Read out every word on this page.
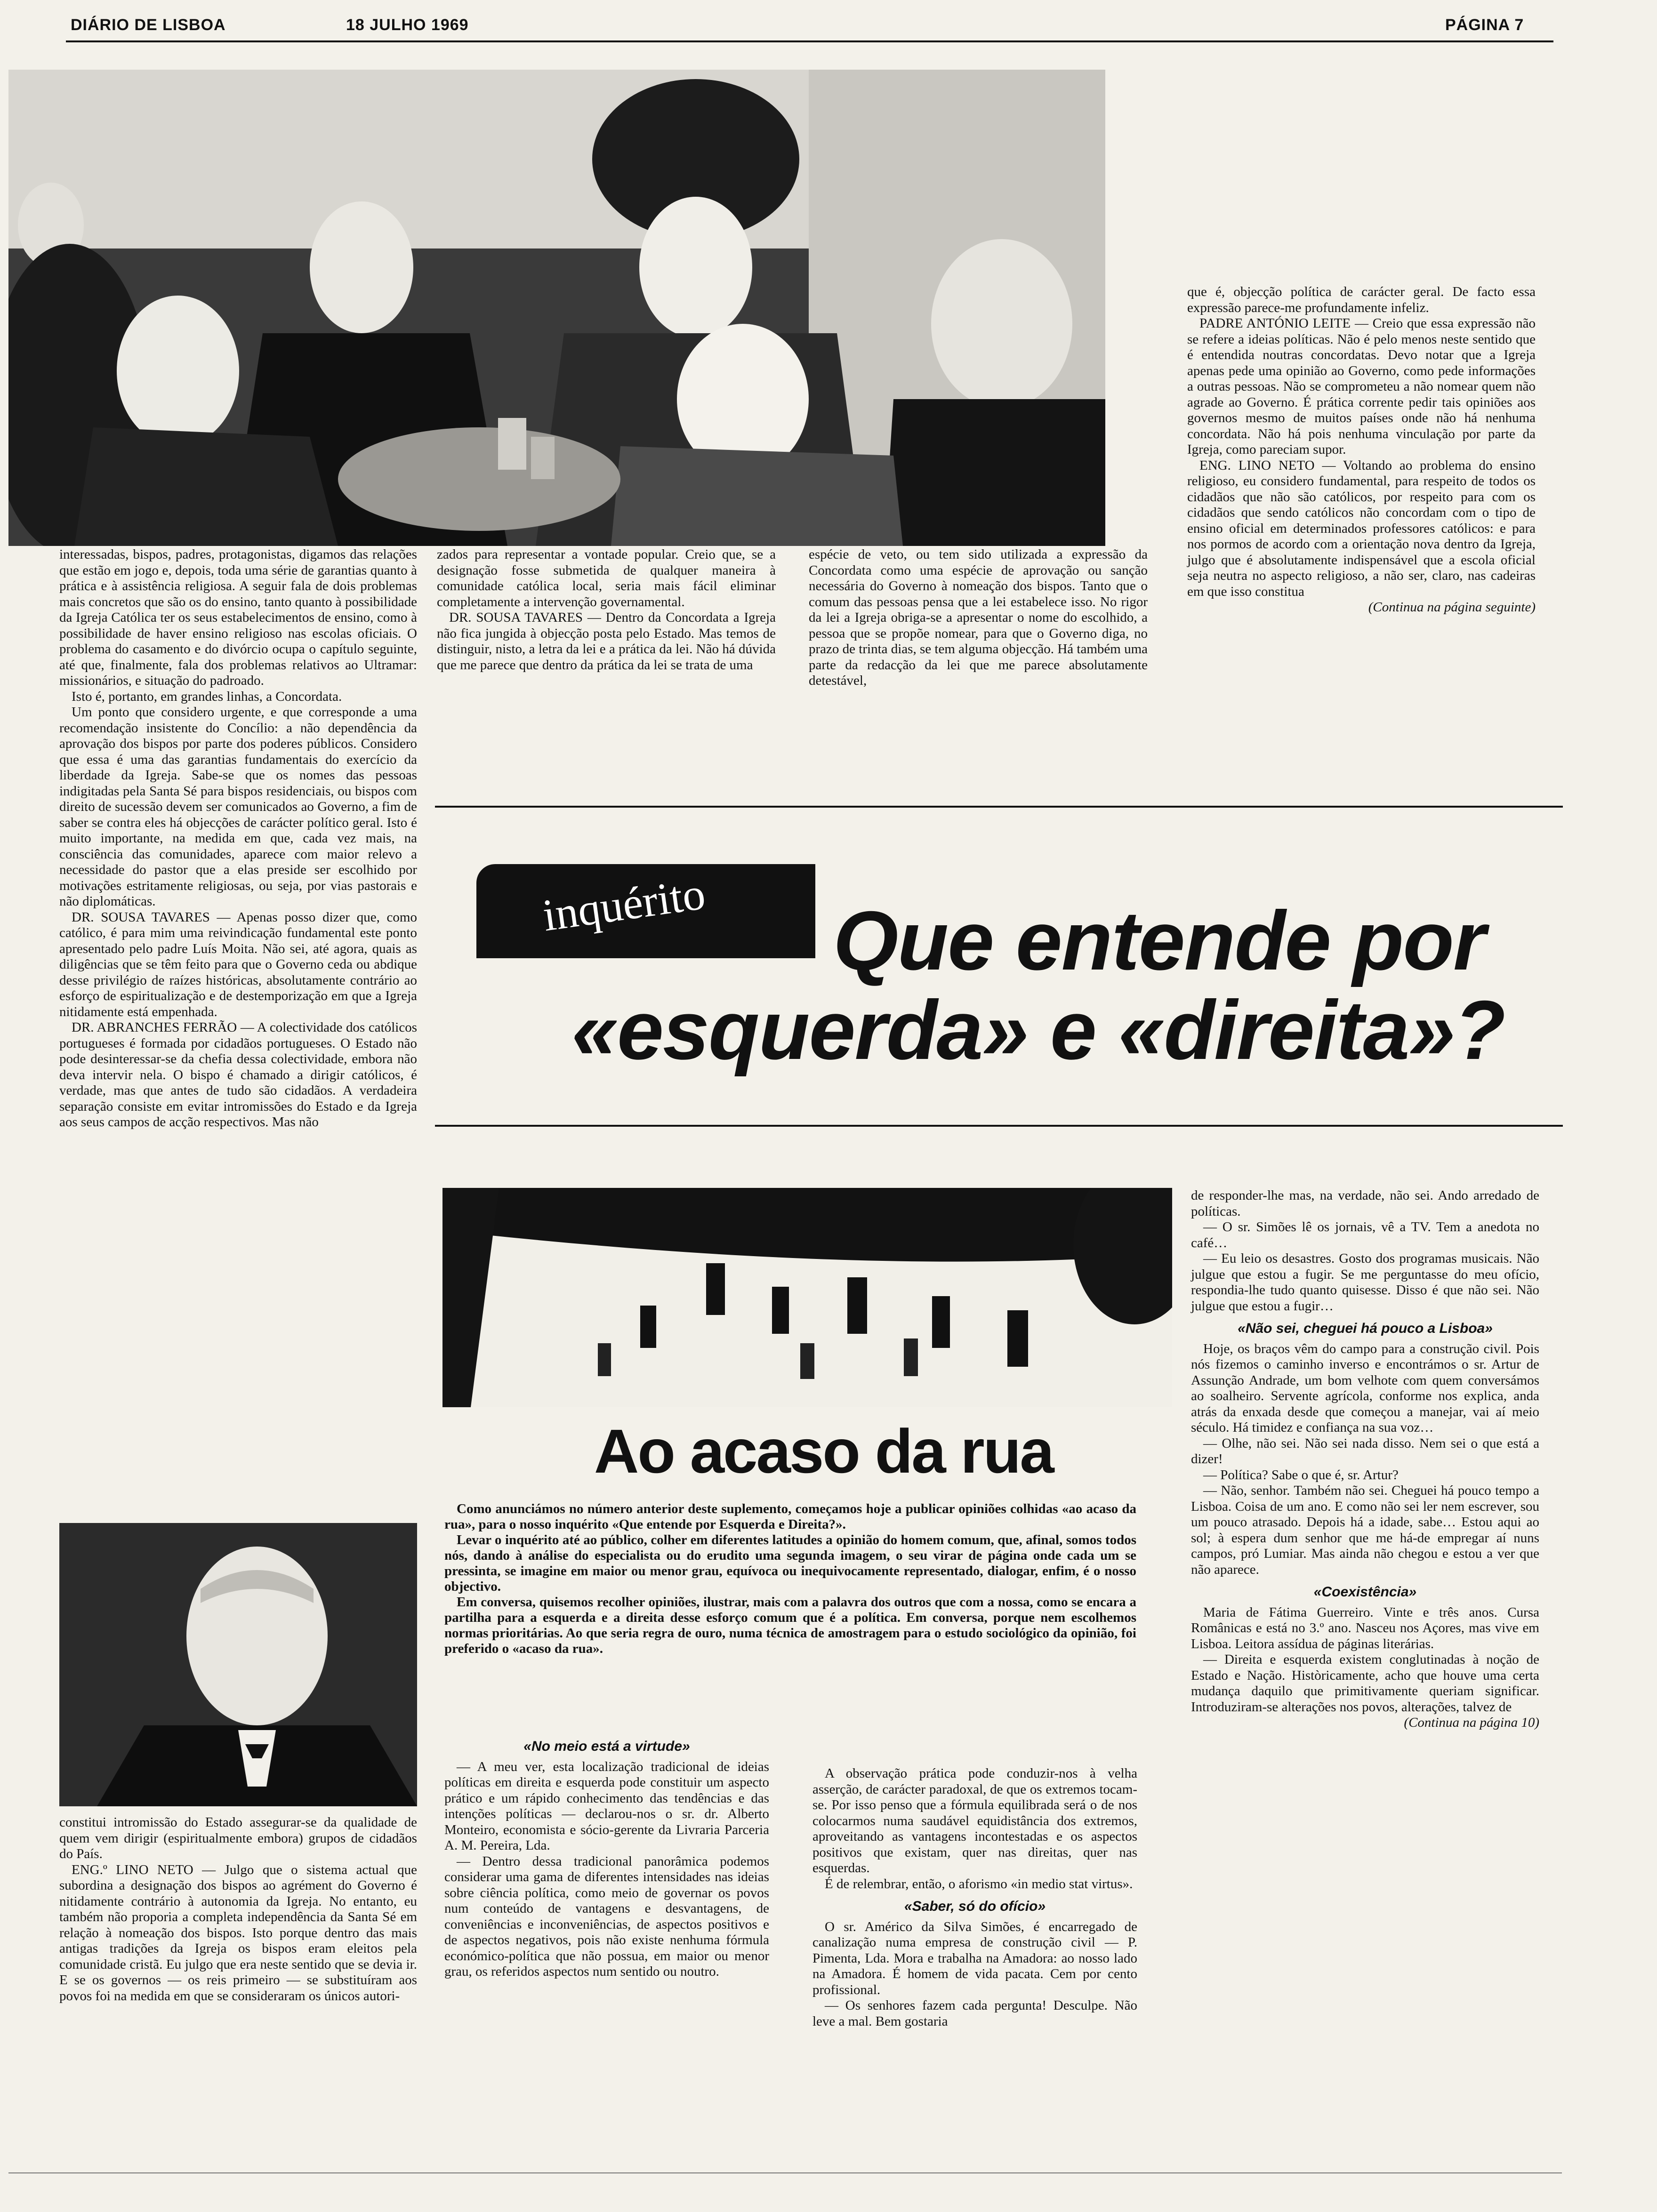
DIÁRIO DE LISBOA	18 JULHO 1969	PÁGINA 7

que é, objecção política de carácter geral. De facto essa expressão parece-me profundamente infeliz.

PADRE ANTÓNIO LEITE — Creio que essa expressão não se refere a ideias políticas. Não é pelo menos neste sentido que é entendida noutras concordatas. Devo notar que a Igreja apenas pede uma opinião ao Governo, como pede informações a outras pessoas. Não se comprometeu a não nomear quem não agrade ao Governo. É prática corrente pedir tais opiniões aos governos mesmo de muitos países onde não há nenhuma concordata. Não há pois nenhuma vinculação por parte da Igreja, como pareciam supor.

ENG. LINO NETO — Voltando ao problema do ensino religioso, eu considero fundamental, para respeito de todos os cidadãos que não são católicos, por respeito para com os cidadãos que sendo católicos não concordam com o tipo de ensino oficial em determinados professores católicos: e para nos pormos de acordo com a orientação nova dentro da Igreja, julgo que é absolutamente indispensável que a escola oficial seja neutra no aspecto religioso, a não ser, claro, nas cadeiras em que isso constitua

(Continua na página seguinte)

zados para representar a vontade popular. Creio que, se a designação fosse submetida de qualquer maneira à comunidade católica local, seria mais fácil eliminar completamente a intervenção governamental.

DR. SOUSA TAVARES — Dentro da Concordata a Igreja não fica jungida à objecção posta pelo Estado. Mas temos de distinguir, nisto, a letra da lei e a prática da lei. Não há dúvida que me parece que dentro da prática da lei se trata de uma

espécie de veto, ou tem sido utilizada a expressão da Concordata como uma espécie de aprovação ou sanção necessária do Governo à nomeação dos bispos. Tanto que o comum das pessoas pensa que a lei estabelece isso. No rigor da lei a Igreja obriga-se a apresentar o nome do escolhido, a pessoa que se propõe nomear, para que o Governo diga, no prazo de trinta dias, se tem alguma objecção. Há também uma parte da redacção da lei que me parece absolutamente detestável,

interessadas, bispos, padres, protagonistas, digamos das relações que estão em jogo e, depois, toda uma série de garantias quanto à prática e à assistência religiosa. A seguir fala de dois problemas mais concretos que são os do ensino, tanto quanto à possibilidade da Igreja Católica ter os seus estabelecimentos de ensino, como à possibilidade de haver ensino religioso nas escolas oficiais. O problema do casamento e do divórcio ocupa o capítulo seguinte, até que, finalmente, fala dos problemas relativos ao Ultramar: missionários, e situação do padroado.

Isto é, portanto, em grandes linhas, a Concordata.

Um ponto que considero urgente, e que corresponde a uma recomendação insistente do Concílio: a não dependência da aprovação dos bispos por parte dos poderes públicos. Considero que essa é uma das garantias fundamentais do exercício da liberdade da Igreja. Sabe-se que os nomes das pessoas indigitadas pela Santa Sé para bispos residenciais, ou bispos com direito de sucessão devem ser comunicados ao Governo, a fim de saber se contra eles há objecções de carácter político geral. Isto é muito importante, na medida em que, cada vez mais, na consciência das comunidades, aparece com maior relevo a necessidade do pastor que a elas preside ser escolhido por motivações estritamente religiosas, ou seja, por vias pastorais e não diplomáticas.

DR. SOUSA TAVARES — Apenas posso dizer que, como católico, é para mim uma reivindicação fundamental este ponto apresentado pelo padre Luís Moita. Não sei, até agora, quais as diligências que se têm feito para que o Governo ceda ou abdique desse privilégio de raízes históricas, absolutamente contrário ao esforço de espiritualização e de destemporização em que a Igreja nitidamente está empenhada.

DR. ABRANCHES FERRÃO — A colectividade dos católicos portugueses é formada por cidadãos portugueses. O Estado não pode desinteressar-se da chefia dessa colectividade, embora não deva intervir nela. O bispo é chamado a dirigir católicos, é verdade, mas que antes de tudo são cidadãos. A verdadeira separação consiste em evitar intromissões do Estado e da Igreja aos seus campos de acção respectivos. Mas não

constitui intromissão do Estado assegurar-se da qualidade de quem vem dirigir (espiritualmente embora) grupos de cidadãos do País.

ENG.º LINO NETO — Julgo que o sistema actual que subordina a designação dos bispos ao agrément do Governo é nitidamente contrário à autonomia da Igreja. No entanto, eu também não proporia a completa independência da Santa Sé em relação à nomeação dos bispos. Isto porque dentro das mais antigas tradições da Igreja os bispos eram eleitos pela comunidade cristã. Eu julgo que era neste sentido que se devia ir. E se os governos — os reis primeiro — se substituíram aos povos foi na medida em que se consideraram os únicos autori-

inquérito Que entende por
«esquerda» e «direita»?
Ao acaso da rua

Como anunciámos no número anterior deste suplemento, começamos hoje a publicar opiniões colhidas «ao acaso da rua», para o nosso inquérito «Que entende por Esquerda e Direita?».

Levar o inquérito até ao público, colher em diferentes latitudes a opinião do homem comum, que, afinal, somos todos nós, dando à análise do especialista ou do erudito uma segunda imagem, o seu virar de página onde cada um se pressinta, se imagine em maior ou menor grau, equívoca ou inequivocamente representado, dialogar, enfim, é o nosso objectivo.

Em conversa, quisemos recolher opiniões, ilustrar, mais com a palavra dos outros que com a nossa, como se encara a partilha para a esquerda e a direita desse esforço comum que é a política. Em conversa, porque nem escolhemos normas prioritárias. Ao que seria regra de ouro, numa técnica de amostragem para o estudo sociológico da opinião, foi preferido o «acaso da rua».

«No meio está a virtude»

— A meu ver, esta localização tradicional de ideias políticas em direita e esquerda pode constituir um aspecto prático e um rápido conhecimento das tendências e das intenções políticas — declarou-nos o sr. dr. Alberto Monteiro, economista e sócio-gerente da Livraria Parceria A. M. Pereira, Lda.

— Dentro dessa tradicional panorâmica podemos considerar uma gama de diferentes intensidades nas ideias sobre ciência política, como meio de governar os povos num conteúdo de vantagens e desvantagens, de conveniências e inconveniências, de aspectos positivos e de aspectos negativos, pois não existe nenhuma fórmula económico-política que não possua, em maior ou menor grau, os referidos aspectos num sentido ou noutro.

A observação prática pode conduzir-nos à velha asserção, de carácter paradoxal, de que os extremos tocam-se. Por isso penso que a fórmula equilibrada será o de nos colocarmos numa saudável equidistância dos extremos, aproveitando as vantagens incontestadas e os aspectos positivos que existam, quer nas direitas, quer nas esquerdas.

É de relembrar, então, o aforismo «in medio stat virtus».

«Saber, só do ofício»

O sr. Américo da Silva Simões, é encarregado de canalização numa empresa de construção civil — P. Pimenta, Lda. Mora e trabalha na Amadora: ao nosso lado na Amadora. É homem de vida pacata. Cem por cento profissional.

— Os senhores fazem cada pergunta! Desculpe. Não leve a mal. Bem gostaria

de responder-lhe mas, na verdade, não sei. Ando arredado de políticas.

— O sr. Simões lê os jornais, vê a TV. Tem a anedota no café…

— Eu leio os desastres. Gosto dos programas musicais. Não julgue que estou a fugir. Se me perguntasse do meu ofício, respondia-lhe tudo quanto quisesse. Disso é que não sei. Não julgue que estou a fugir…

«Não sei, cheguei há pouco a Lisboa»

Hoje, os braços vêm do campo para a construção civil. Pois nós fizemos o caminho inverso e encontrámos o sr. Artur de Assunção Andrade, um bom velhote com quem conversámos ao soalheiro. Servente agrícola, conforme nos explica, anda atrás da enxada desde que começou a manejar, vai aí meio século. Há timidez e confiança na sua voz…

— Olhe, não sei. Não sei nada disso. Nem sei o que está a dizer!

— Política? Sabe o que é, sr. Artur?

— Não, senhor. Também não sei. Cheguei há pouco tempo a Lisboa. Coisa de um ano. E como não sei ler nem escrever, sou um pouco atrasado. Depois há a idade, sabe… Estou aqui ao sol; à espera dum senhor que me há-de empregar aí nuns campos, pró Lumiar. Mas ainda não chegou e estou a ver que não aparece.

«Coexistência»

Maria de Fátima Guerreiro. Vinte e três anos. Cursa Românicas e está no 3.º ano. Nasceu nos Açores, mas vive em Lisboa. Leitora assídua de páginas literárias.

— Direita e esquerda existem conglutinadas à noção de Estado e Nação. Històricamente, acho que houve uma certa mudança daquilo que primitivamente queriam significar. Introduziram-se alterações nos povos, alterações, talvez de

(Continua na página 10)
